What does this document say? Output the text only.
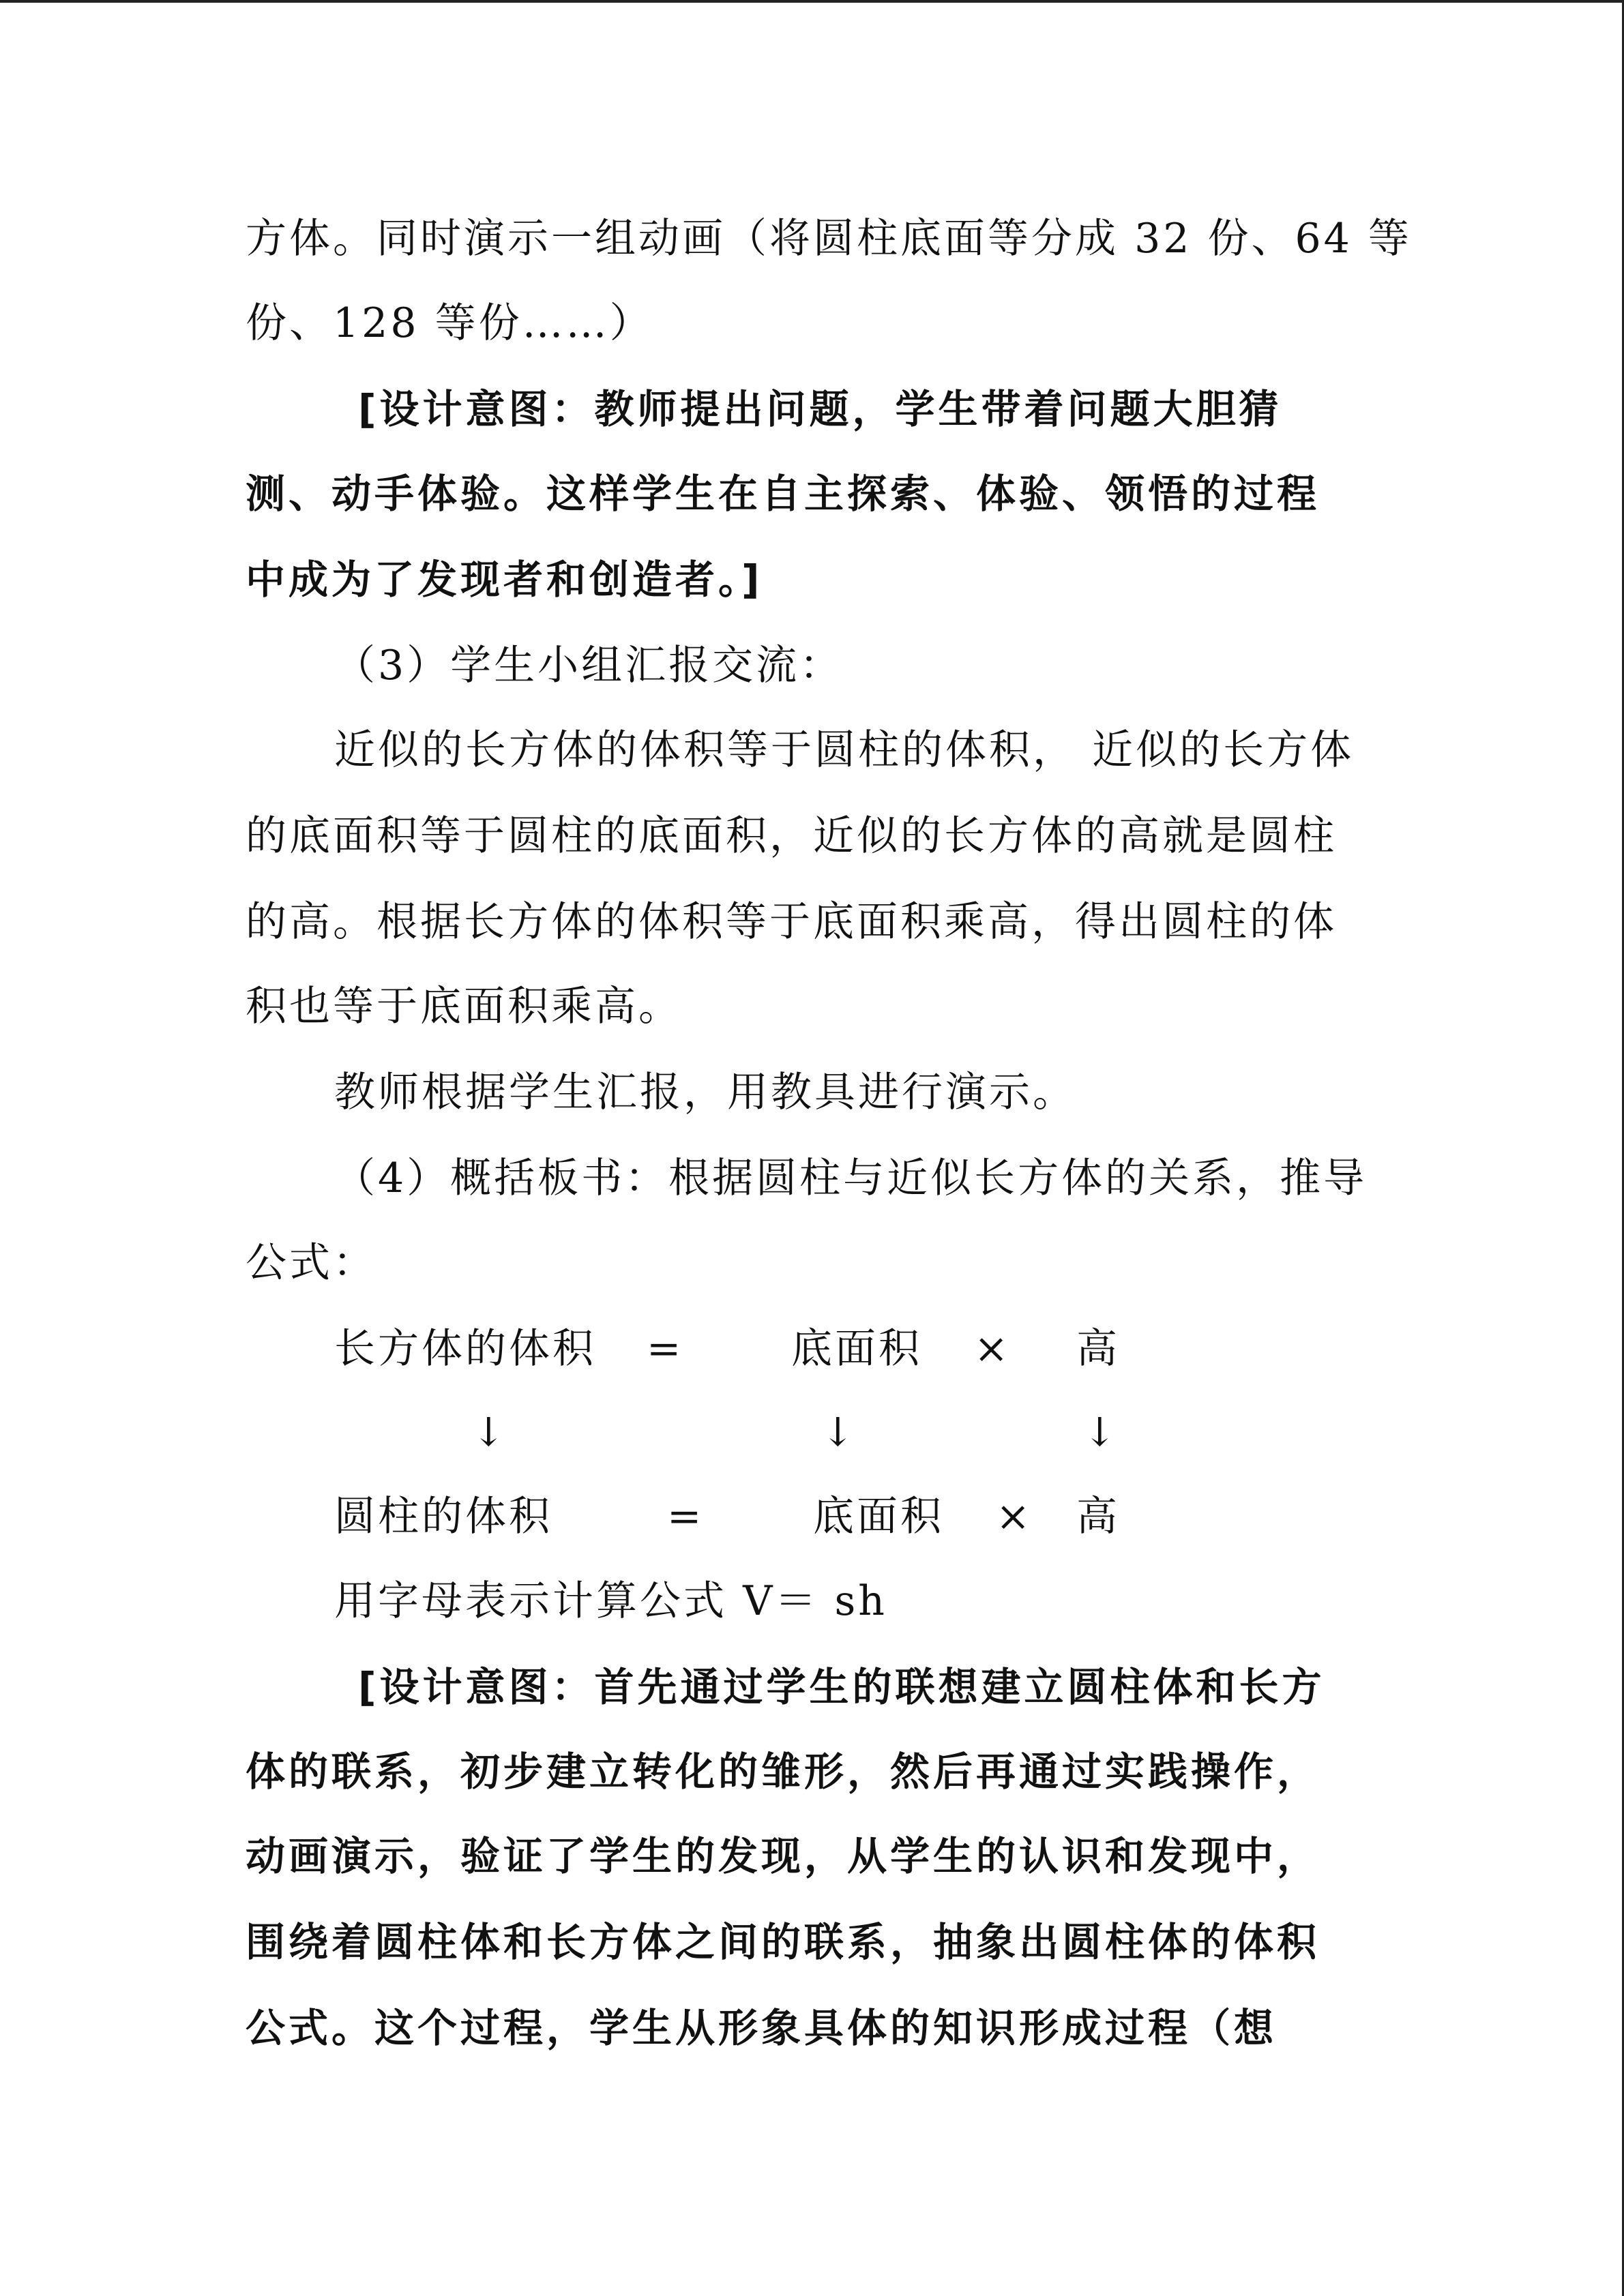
方体。同时演示一组动画（将圆柱底面等分成 32 份、64 等
份、128 等份……）
[设计意图：教师提出问题，学生带着问题大胆猜
测、动手体验。这样学生在自主探索、体验、领悟的过程
中成为了发现者和创造者。]
（3）学生小组汇报交流：
近似的长方体的体积等于圆柱的体积， 近似的长方体
的底面积等于圆柱的底面积，近似的长方体的高就是圆柱
的高。根据长方体的体积等于底面积乘高，得出圆柱的体
积也等于底面积乘高。
教师根据学生汇报，用教具进行演示。
（4）概括板书：根据圆柱与近似长方体的关系，推导
公式：
长方体的体积 =	底面积 × 高
↓	↓	↓
圆柱的体积	=	底面积 × 高
用字母表示计算公式 V＝ sh
[设计意图：首先通过学生的联想建立圆柱体和长方
体的联系，初步建立转化的雏形，然后再通过实践操作，
动画演示，验证了学生的发现，从学生的认识和发现中，
围绕着圆柱体和长方体之间的联系，抽象出圆柱体的体积
公式。这个过程，学生从形象具体的知识形成过程（想
